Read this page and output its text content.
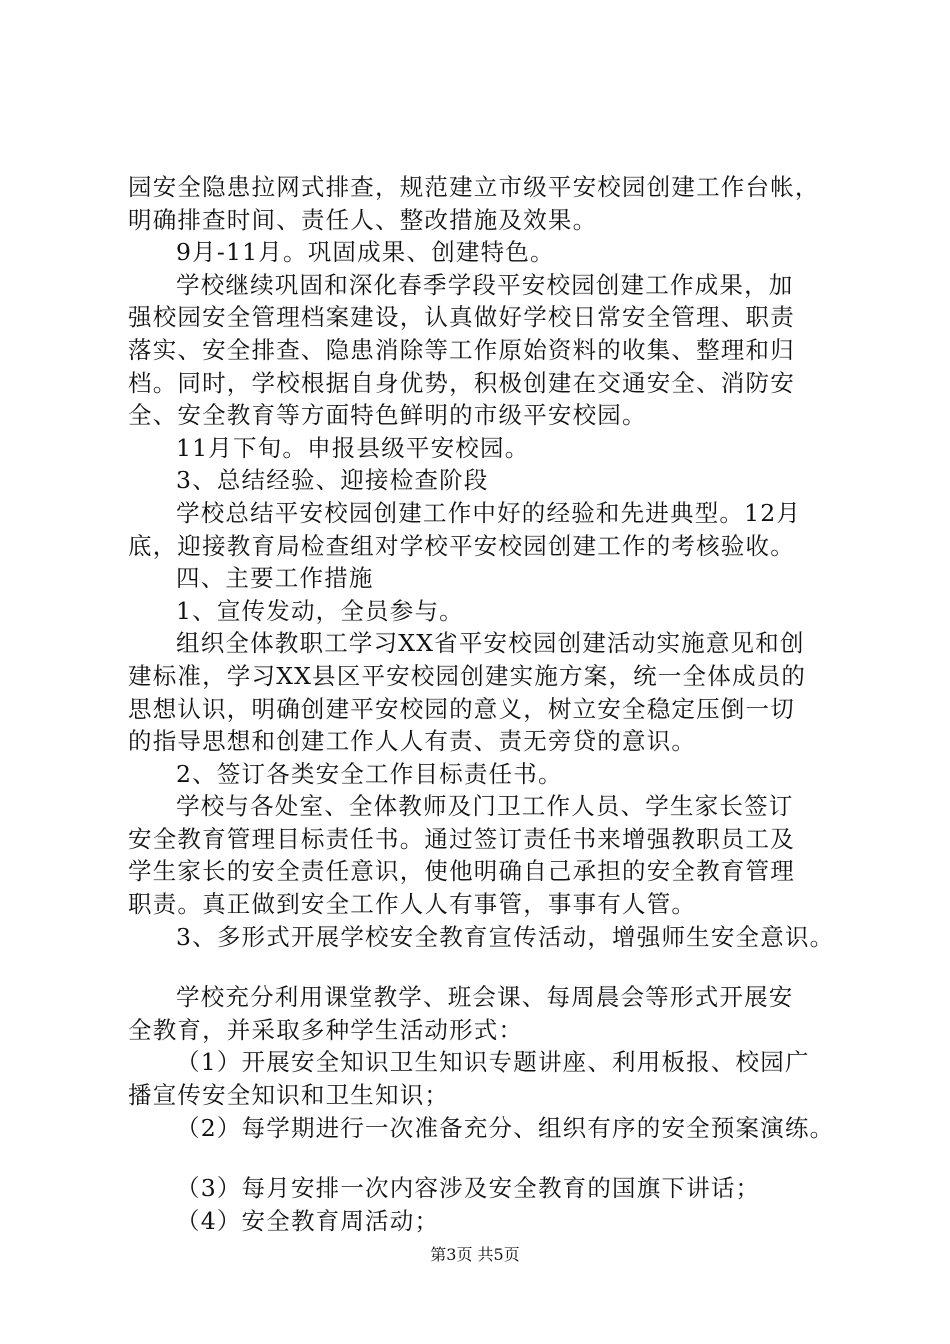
园安全隐患拉网式排查，规范建立市级平安校园创建工作台帐，
明确排查时间、责任人、整改措施及效果。
9月-11月。巩固成果、创建特色。
学校继续巩固和深化春季学段平安校园创建工作成果，加
强校园安全管理档案建设，认真做好学校日常安全管理、职责
落实、安全排查、隐患消除等工作原始资料的收集、整理和归
档。同时，学校根据自身优势，积极创建在交通安全、消防安
全、安全教育等方面特色鲜明的市级平安校园。
11月下旬。申报县级平安校园。
3、总结经验、迎接检查阶段
学校总结平安校园创建工作中好的经验和先进典型。12月
底，迎接教育局检查组对学校平安校园创建工作的考核验收。
四、主要工作措施
1、宣传发动，全员参与。
组织全体教职工学习XX省平安校园创建活动实施意见和创
建标准，学习XX县区平安校园创建实施方案，统一全体成员的
思想认识，明确创建平安校园的意义，树立安全稳定压倒一切
的指导思想和创建工作人人有责、责无旁贷的意识。
2、签订各类安全工作目标责任书。
学校与各处室、全体教师及门卫工作人员、学生家长签订
安全教育管理目标责任书。通过签订责任书来增强教职员工及
学生家长的安全责任意识，使他明确自己承担的安全教育管理
职责。真正做到安全工作人人有事管，事事有人管。
3、多形式开展学校安全教育宣传活动，增强师生安全意识。
学校充分利用课堂教学、班会课、每周晨会等形式开展安
全教育，并采取多种学生活动形式：
（1）开展安全知识卫生知识专题讲座、利用板报、校园广
播宣传安全知识和卫生知识；
（2）每学期进行一次准备充分、组织有序的安全预案演练。
（3）每月安排一次内容涉及安全教育的国旗下讲话；
（4）安全教育周活动；
第3页 共5页
